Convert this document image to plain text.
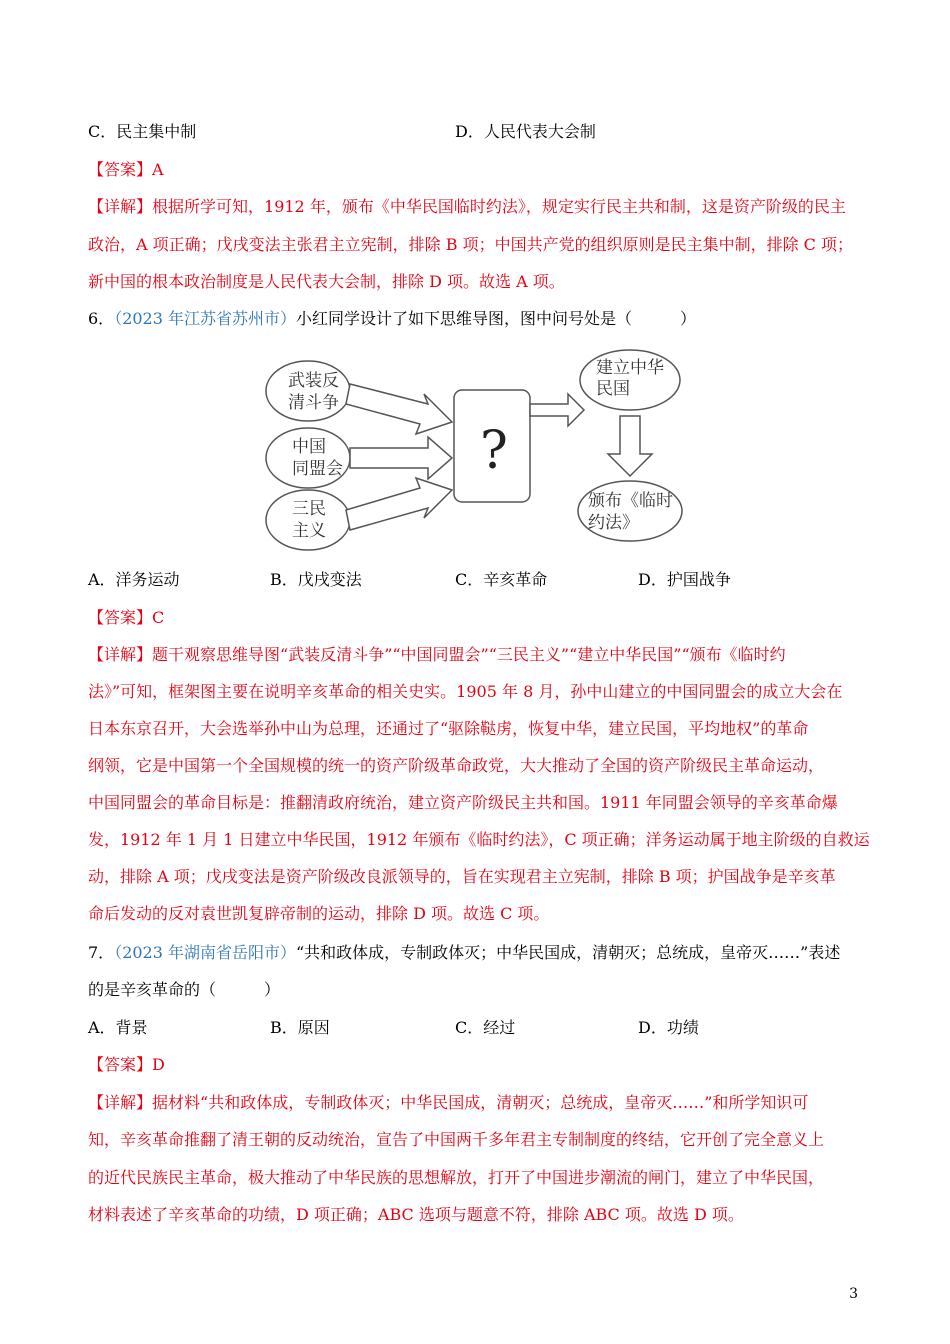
C．民主集中制	D．人民代表大会制
【答案】A
【详解】根据所学可知，1912 年，颁布《中华民国临时约法》，规定实行民主共和制，这是资产阶级的民主
政治，A 项正确；戊戌变法主张君主立宪制，排除 B 项；中国共产党的组织原则是民主集中制，排除 C 项；
新中国的根本政治制度是人民代表大会制，排除 D 项。故选 A 项。
6．（2023 年江苏省苏州市）小红同学设计了如下思维导图，图中问号处是（　　　）
武装反
清斗争
中国
同盟会
三民
主义
?
建立中华
民国
颁布《临时
约法》
A．洋务运动	B．戊戌变法	C．辛亥革命	D．护国战争
【答案】C
【详解】题干观察思维导图“武装反清斗争”“中国同盟会”“三民主义”“建立中华民国”“颁布《临时约
法》”可知，框架图主要在说明辛亥革命的相关史实。1905 年 8 月，孙中山建立的中国同盟会的成立大会在
日本东京召开，大会选举孙中山为总理，还通过了“驱除鞑虏，恢复中华，建立民国，平均地权”的革命
纲领，它是中国第一个全国规模的统一的资产阶级革命政党，大大推动了全国的资产阶级民主革命运动，
中国同盟会的革命目标是：推翻清政府统治，建立资产阶级民主共和国。1911 年同盟会领导的辛亥革命爆
发，1912 年 1 月 1 日建立中华民国，1912 年颁布《临时约法》，C 项正确；洋务运动属于地主阶级的自救运
动，排除 A 项；戊戌变法是资产阶级改良派领导的，旨在实现君主立宪制，排除 B 项；护国战争是辛亥革
命后发动的反对袁世凯复辟帝制的运动，排除 D 项。故选 C 项。
7．（2023 年湖南省岳阳市）“共和政体成，专制政体灭；中华民国成，清朝灭；总统成，皇帝灭……”表述
的是辛亥革命的（　　　）
A．背景	B．原因	C．经过	D．功绩
【答案】D
【详解】据材料“共和政体成，专制政体灭；中华民国成，清朝灭；总统成，皇帝灭……”和所学知识可
知，辛亥革命推翻了清王朝的反动统治，宣告了中国两千多年君主专制制度的终结，它开创了完全意义上
的近代民族民主革命，极大推动了中华民族的思想解放，打开了中国进步潮流的闸门，建立了中华民国，
材料表述了辛亥革命的功绩，D 项正确；ABC 选项与题意不符，排除 ABC 项。故选 D 项。
3
